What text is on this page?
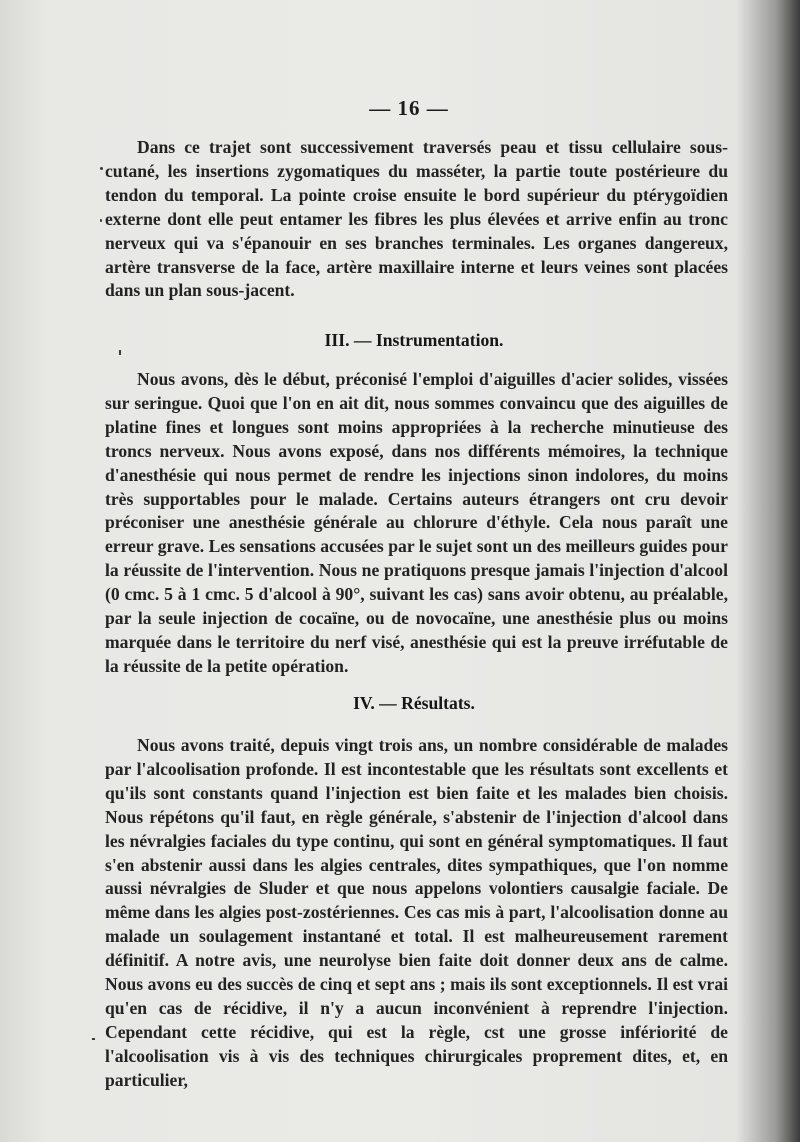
— 16 —

Dans ce trajet sont successivement traversés peau et tissu cellulaire sous-cutané, les insertions zygomatiques du masséter, la partie toute postérieure du tendon du temporal. La pointe croise ensuite le bord supérieur du ptérygoïdien externe dont elle peut entamer les fibres les plus élevées et arrive enfin au tronc nerveux qui va s'épanouir en ses branches terminales. Les organes dangereux, artère transverse de la face, artère maxillaire interne et leurs veines sont placées dans un plan sous-jacent.

III. — Instrumentation.

Nous avons, dès le début, préconisé l'emploi d'aiguilles d'acier solides, vissées sur seringue. Quoi que l'on en ait dit, nous sommes convaincu que des aiguilles de platine fines et longues sont moins appropriées à la recherche minutieuse des troncs nerveux. Nous avons exposé, dans nos différents mémoires, la technique d'anesthésie qui nous permet de rendre les injections sinon indolores, du moins très supportables pour le malade. Certains auteurs étrangers ont cru devoir préconiser une anesthésie générale au chlorure d'éthyle. Cela nous paraît une erreur grave. Les sensations accusées par le sujet sont un des meilleurs guides pour la réussite de l'intervention. Nous ne pratiquons presque jamais l'injection d'alcool (0 cmc. 5 à 1 cmc. 5 d'alcool à 90°, suivant les cas) sans avoir obtenu, au préalable, par la seule injection de cocaïne, ou de novocaïne, une anesthésie plus ou moins marquée dans le territoire du nerf visé, anesthésie qui est la preuve irréfutable de la réussite de la petite opération.

IV. — Résultats.

Nous avons traité, depuis vingt trois ans, un nombre considérable de malades par l'alcoolisation profonde. Il est incontestable que les résultats sont excellents et qu'ils sont constants quand l'injection est bien faite et les malades bien choisis. Nous répétons qu'il faut, en règle générale, s'abstenir de l'injection d'alcool dans les névralgies faciales du type continu, qui sont en général symptomatiques. Il faut s'en abstenir aussi dans les algies centrales, dites sympathiques, que l'on nomme aussi névralgies de Sluder et que nous appelons volontiers causalgie faciale. De même dans les algies post-zostériennes. Ces cas mis à part, l'alcoolisation donne au malade un soulagement instantané et total. Il est malheureusement rarement définitif. A notre avis, une neurolyse bien faite doit donner deux ans de calme. Nous avons eu des succès de cinq et sept ans ; mais ils sont exceptionnels. Il est vrai qu'en cas de récidive, il n'y a aucun inconvénient à reprendre l'injection. Cependant cette récidive, qui est la règle, cst une grosse infériorité de l'alcoolisation vis à vis des techniques chirurgicales proprement dites, et, en particulier,
